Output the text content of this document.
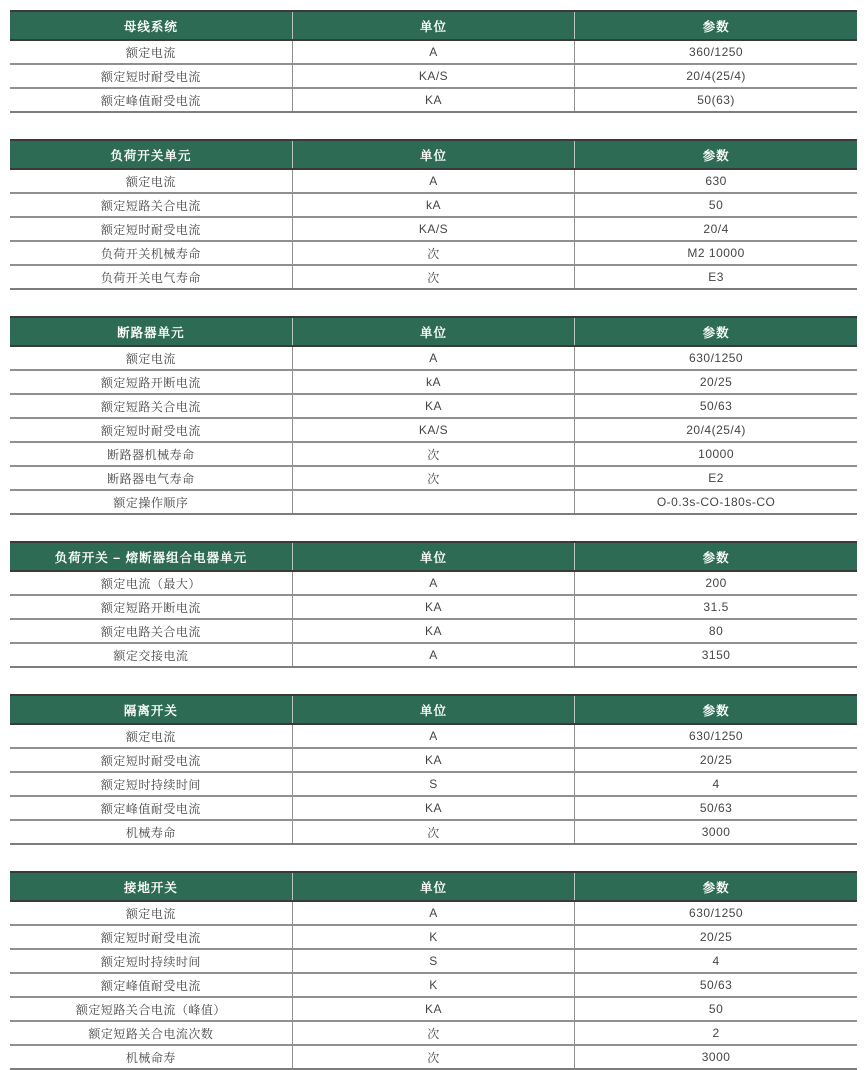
母线系统	单位	参数
额定电流	A	360/1250
额定短时耐受电流	KA/S	20/4(25/4)
额定峰值耐受电流	KA	50(63)
负荷开关单元	单位	参数
额定电流	A	630
额定短路关合电流	kA	50
额定短时耐受电流	KA/S	20/4
负荷开关机械寿命	次	M2 10000
负荷开关电气寿命	次	E3
断路器单元	单位	参数
额定电流	A	630/1250
额定短路开断电流	kA	20/25
额定短路关合电流	KA	50/63
额定短时耐受电流	KA/S	20/4(25/4)
断路器机械寿命	次	10000
断路器电气寿命	次	E2
额定操作顺序		O-0.3s-CO-180s-CO
负荷开关 – 熔断器组合电器单元	单位	参数
额定电流（最大）	A	200
额定短路开断电流	KA	31.5
额定电路关合电流	KA	80
额定交接电流	A	3150
隔离开关	单位	参数
额定电流	A	630/1250
额定短时耐受电流	KA	20/25
额定短时持续时间	S	4
额定峰值耐受电流	KA	50/63
机械寿命	次	3000
接地开关	单位	参数
额定电流	A	630/1250
额定短时耐受电流	K	20/25
额定短时持续时间	S	4
额定峰值耐受电流	K	50/63
额定短路关合电流（峰值）	KA	50
额定短路关合电流次数	次	2
机械命寿	次	3000
